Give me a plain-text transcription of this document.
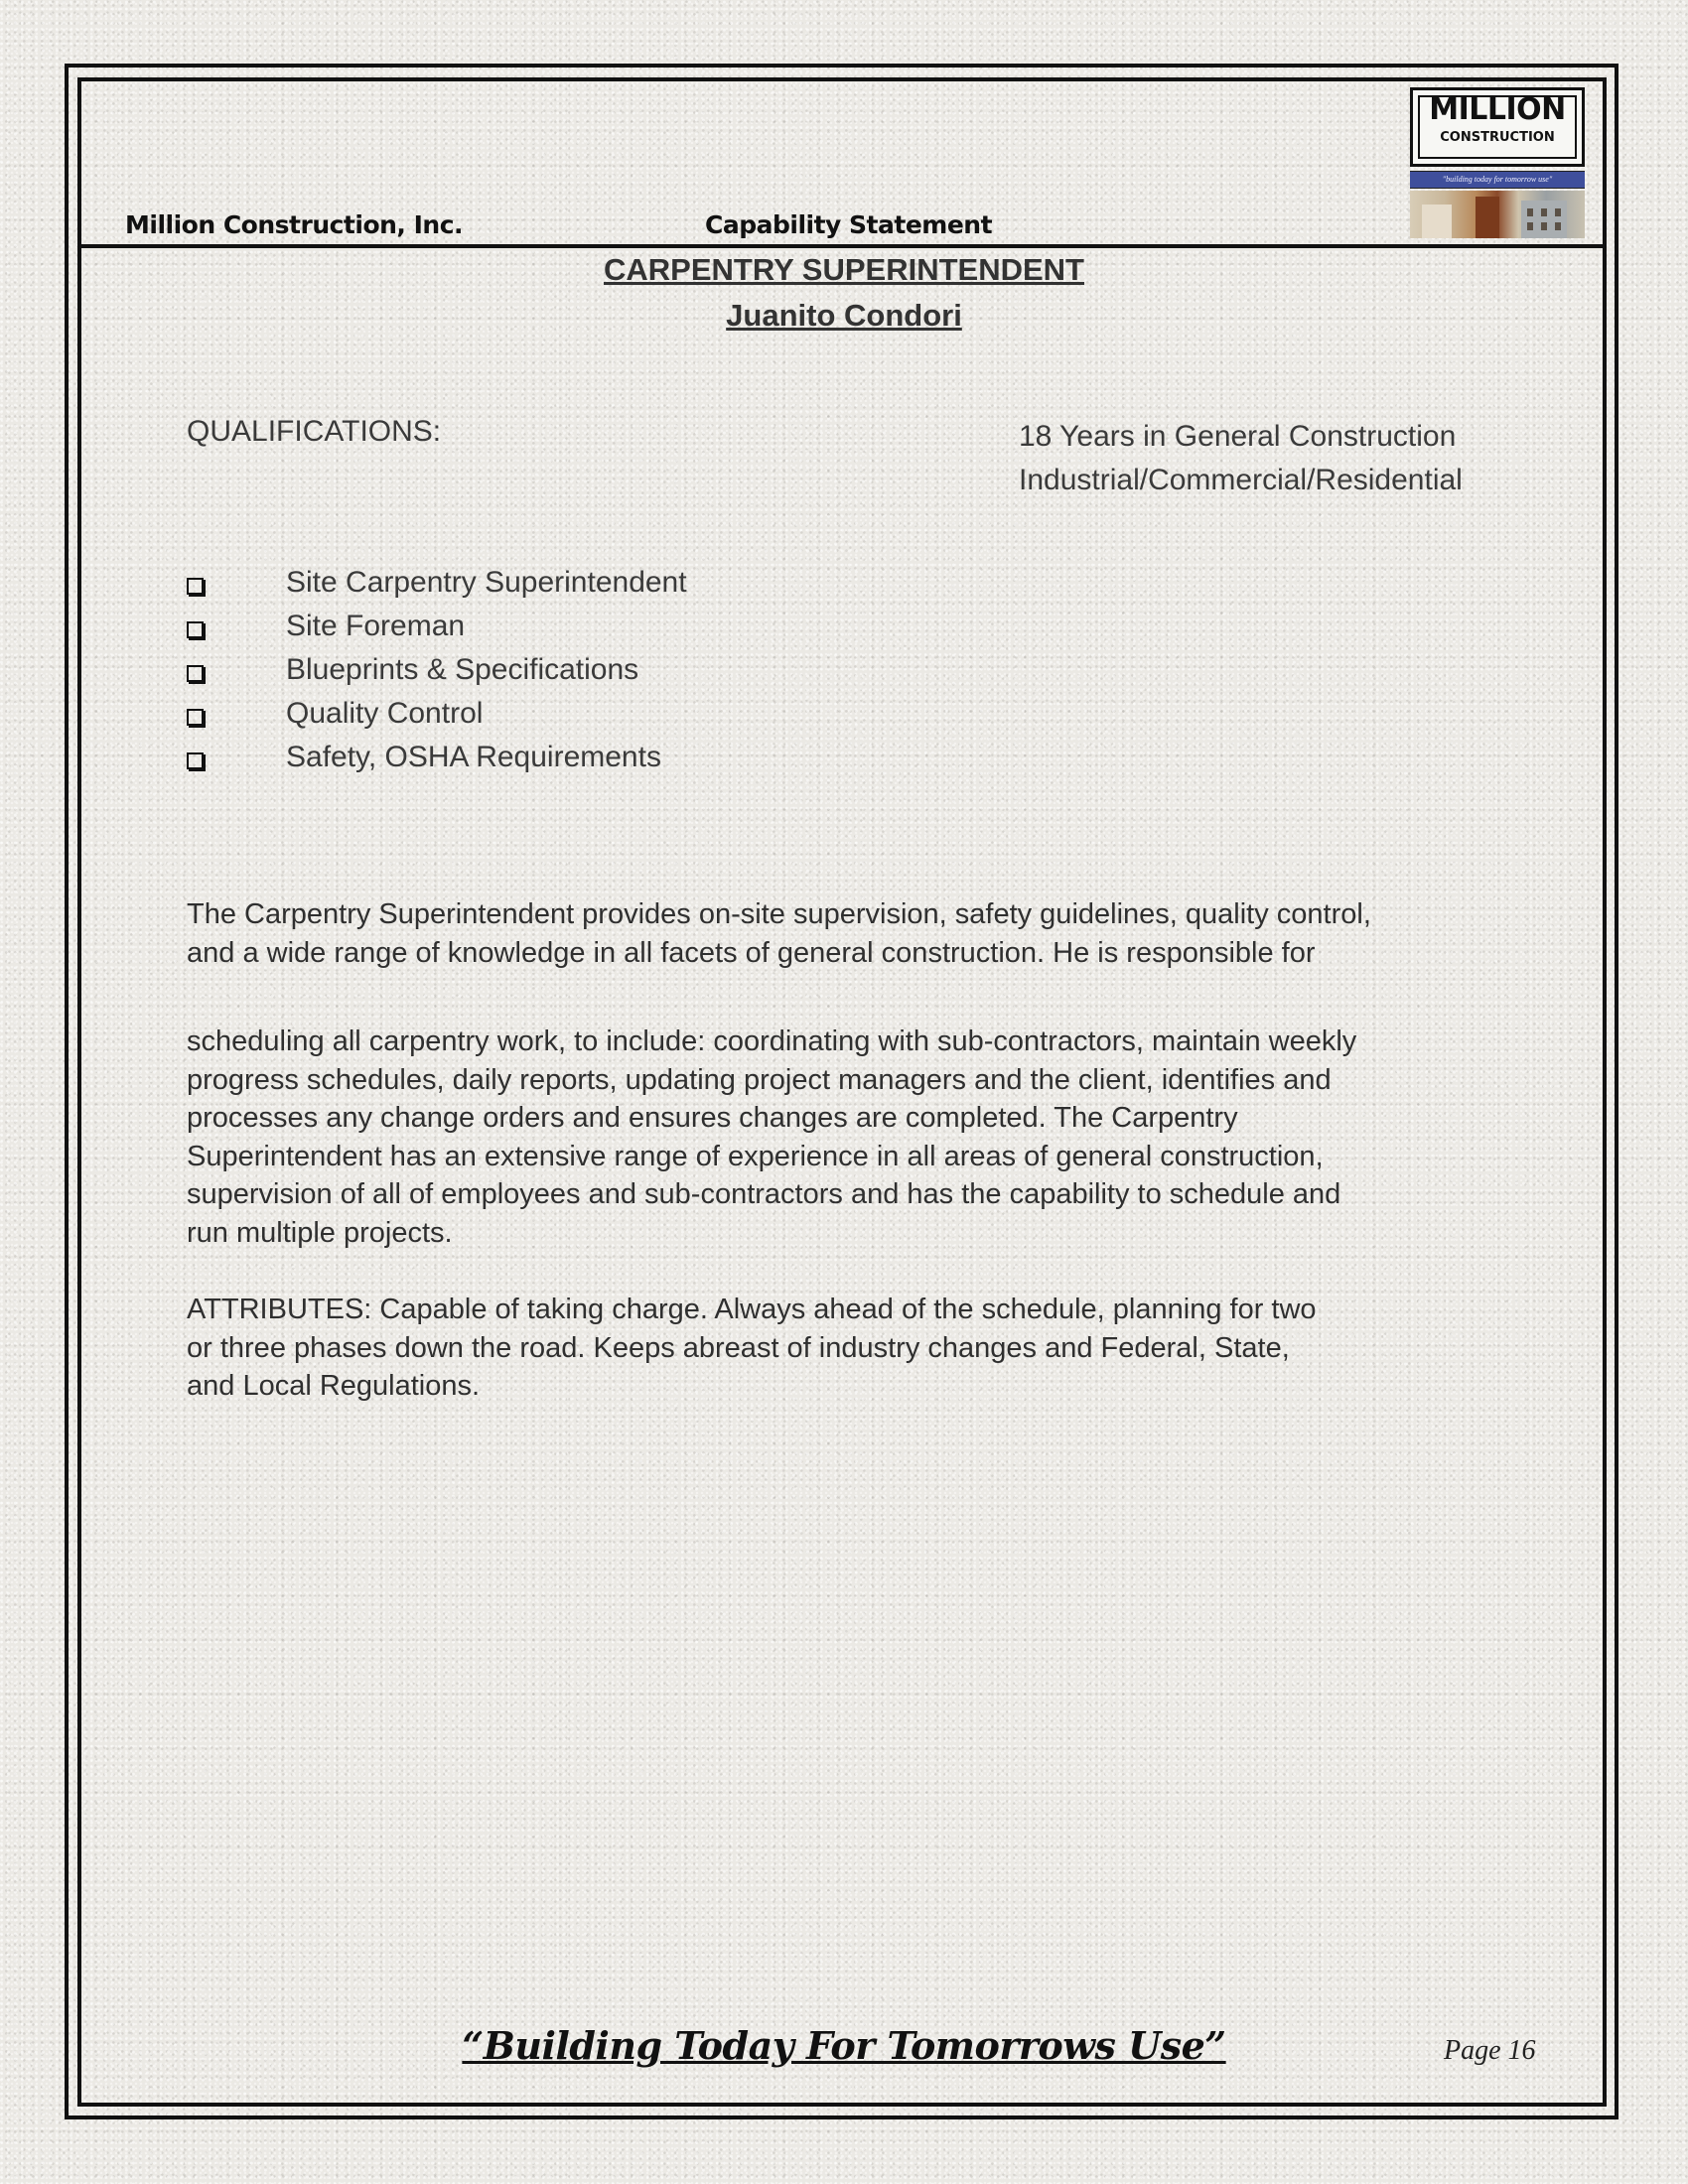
Million Construction, Inc.	Capability Statement
MILLION
CONSTRUCTION
"building today for tomorrow use"
CARPENTRY SUPERINTENDENT
Juanito Condori
QUALIFICATIONS:	18 Years in General Construction
Industrial/Commercial/Residential
Site Carpentry Superintendent
Site Foreman
Blueprints & Specifications
Quality Control
Safety, OSHA Requirements
The Carpentry Superintendent provides on-site supervision, safety guidelines, quality control,
and a wide range of knowledge in all facets of general construction. He is responsible for
scheduling all carpentry work, to include: coordinating with sub-contractors, maintain weekly
progress schedules, daily reports, updating project managers and the client, identifies and
processes any change orders and ensures changes are completed. The Carpentry
Superintendent has an extensive range of experience in all areas of general construction,
supervision of all of employees and sub-contractors and has the capability to schedule and
run multiple projects.
ATTRIBUTES: Capable of taking charge. Always ahead of the schedule, planning for two
or three phases down the road. Keeps abreast of industry changes and Federal, State,
and Local Regulations.
“Building Today For Tomorrows Use”	Page 16
